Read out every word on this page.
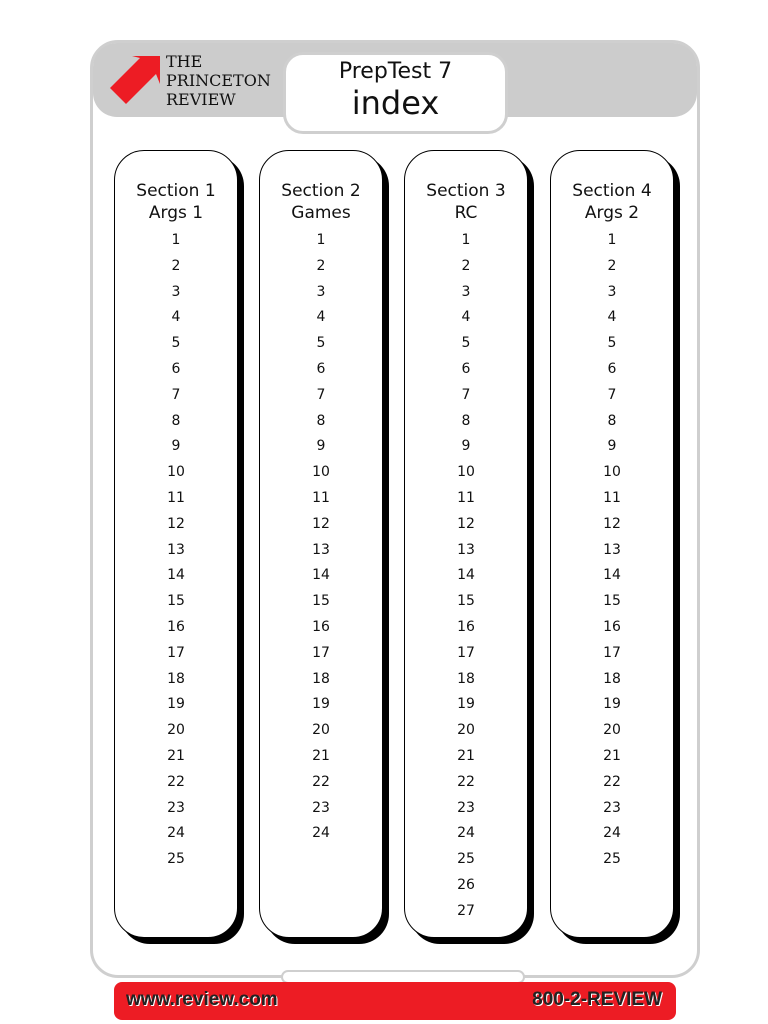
THE
PRINCETON
REVIEW
PrepTest 7
index
Section 1
Args 1
1
2
3
4
5
6
7
8
9
10
11
12
13
14
15
16
17
18
19
20
21
22
23
24
25
Section 2
Games
1
2
3
4
5
6
7
8
9
10
11
12
13
14
15
16
17
18
19
20
21
22
23
24
Section 3
RC
1
2
3
4
5
6
7
8
9
10
11
12
13
14
15
16
17
18
19
20
21
22
23
24
25
26
27
Section 4
Args 2
1
2
3
4
5
6
7
8
9
10
11
12
13
14
15
16
17
18
19
20
21
22
23
24
25
www.review.com	800-2-REVIEW
